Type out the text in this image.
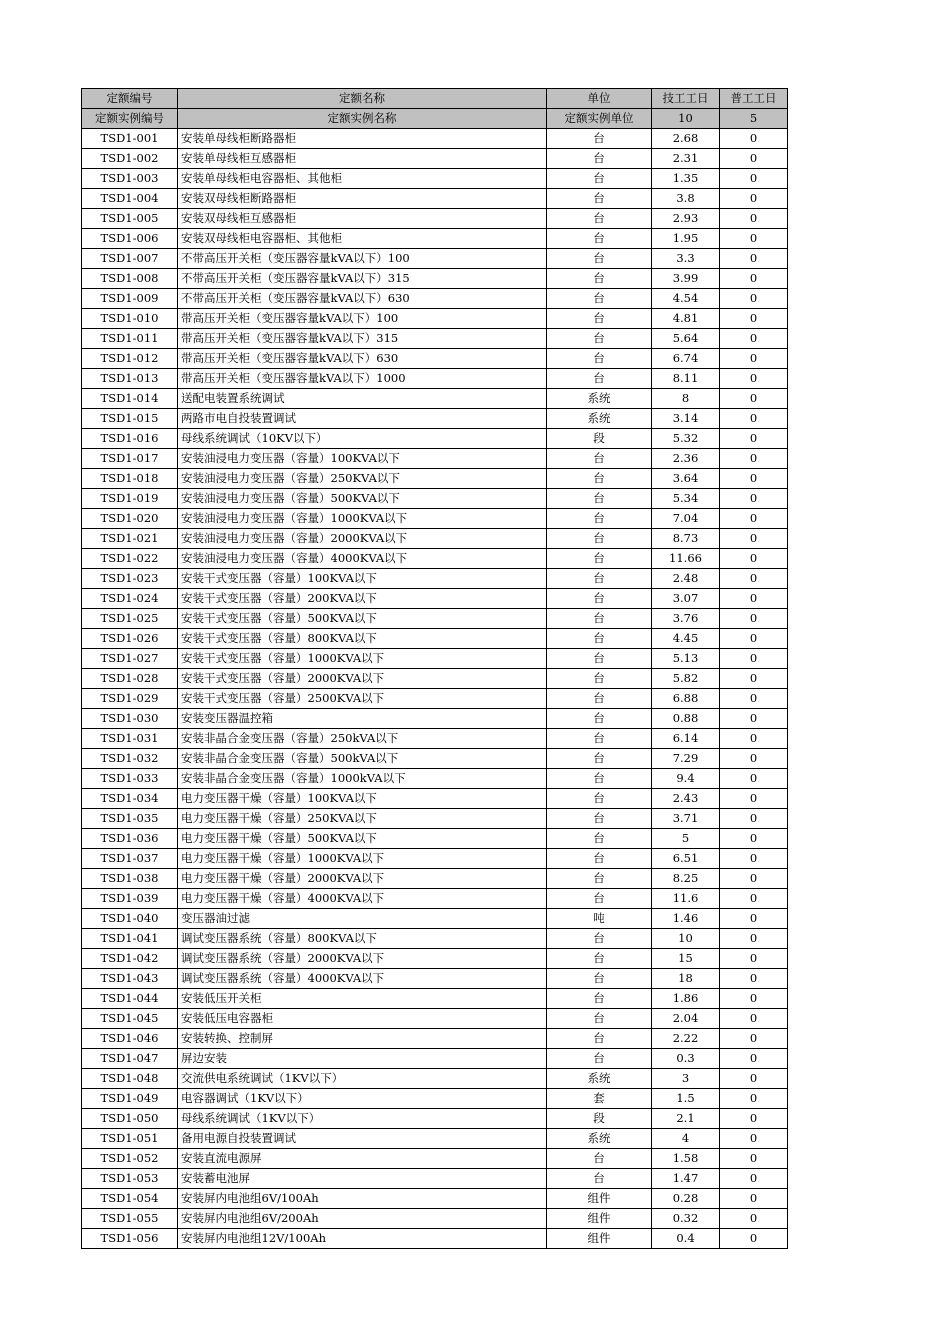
定额编号	定额名称	单位	技工工日	普工工日
定额实例编号	定额实例名称	定额实例单位	10	5
TSD1-001	安装单母线柜断路器柜	台	2.68	0
TSD1-002	安装单母线柜互感器柜	台	2.31	0
TSD1-003	安装单母线柜电容器柜、其他柜	台	1.35	0
TSD1-004	安装双母线柜断路器柜	台	3.8	0
TSD1-005	安装双母线柜互感器柜	台	2.93	0
TSD1-006	安装双母线柜电容器柜、其他柜	台	1.95	0
TSD1-007	不带高压开关柜（变压器容量kVA以下）100	台	3.3	0
TSD1-008	不带高压开关柜（变压器容量kVA以下）315	台	3.99	0
TSD1-009	不带高压开关柜（变压器容量kVA以下）630	台	4.54	0
TSD1-010	带高压开关柜（变压器容量kVA以下）100	台	4.81	0
TSD1-011	带高压开关柜（变压器容量kVA以下）315	台	5.64	0
TSD1-012	带高压开关柜（变压器容量kVA以下）630	台	6.74	0
TSD1-013	带高压开关柜（变压器容量kVA以下）1000	台	8.11	0
TSD1-014	送配电装置系统调试	系统	8	0
TSD1-015	两路市电自投装置调试	系统	3.14	0
TSD1-016	母线系统调试（10KV以下）	段	5.32	0
TSD1-017	安装油浸电力变压器（容量）100KVA以下	台	2.36	0
TSD1-018	安装油浸电力变压器（容量）250KVA以下	台	3.64	0
TSD1-019	安装油浸电力变压器（容量）500KVA以下	台	5.34	0
TSD1-020	安装油浸电力变压器（容量）1000KVA以下	台	7.04	0
TSD1-021	安装油浸电力变压器（容量）2000KVA以下	台	8.73	0
TSD1-022	安装油浸电力变压器（容量）4000KVA以下	台	11.66	0
TSD1-023	安装干式变压器（容量）100KVA以下	台	2.48	0
TSD1-024	安装干式变压器（容量）200KVA以下	台	3.07	0
TSD1-025	安装干式变压器（容量）500KVA以下	台	3.76	0
TSD1-026	安装干式变压器（容量）800KVA以下	台	4.45	0
TSD1-027	安装干式变压器（容量）1000KVA以下	台	5.13	0
TSD1-028	安装干式变压器（容量）2000KVA以下	台	5.82	0
TSD1-029	安装干式变压器（容量）2500KVA以下	台	6.88	0
TSD1-030	安装变压器温控箱	台	0.88	0
TSD1-031	安装非晶合金变压器（容量）250kVA以下	台	6.14	0
TSD1-032	安装非晶合金变压器（容量）500kVA以下	台	7.29	0
TSD1-033	安装非晶合金变压器（容量）1000kVA以下	台	9.4	0
TSD1-034	电力变压器干燥（容量）100KVA以下	台	2.43	0
TSD1-035	电力变压器干燥（容量）250KVA以下	台	3.71	0
TSD1-036	电力变压器干燥（容量）500KVA以下	台	5	0
TSD1-037	电力变压器干燥（容量）1000KVA以下	台	6.51	0
TSD1-038	电力变压器干燥（容量）2000KVA以下	台	8.25	0
TSD1-039	电力变压器干燥（容量）4000KVA以下	台	11.6	0
TSD1-040	变压器油过滤	吨	1.46	0
TSD1-041	调试变压器系统（容量）800KVA以下	台	10	0
TSD1-042	调试变压器系统（容量）2000KVA以下	台	15	0
TSD1-043	调试变压器系统（容量）4000KVA以下	台	18	0
TSD1-044	安装低压开关柜	台	1.86	0
TSD1-045	安装低压电容器柜	台	2.04	0
TSD1-046	安装转换、控制屏	台	2.22	0
TSD1-047	屏边安装	台	0.3	0
TSD1-048	交流供电系统调试（1KV以下）	系统	3	0
TSD1-049	电容器调试（1KV以下）	套	1.5	0
TSD1-050	母线系统调试（1KV以下）	段	2.1	0
TSD1-051	备用电源自投装置调试	系统	4	0
TSD1-052	安装直流电源屏	台	1.58	0
TSD1-053	安装蓄电池屏	台	1.47	0
TSD1-054	安装屏内电池组6V/100Ah	组件	0.28	0
TSD1-055	安装屏内电池组6V/200Ah	组件	0.32	0
TSD1-056	安装屏内电池组12V/100Ah	组件	0.4	0
